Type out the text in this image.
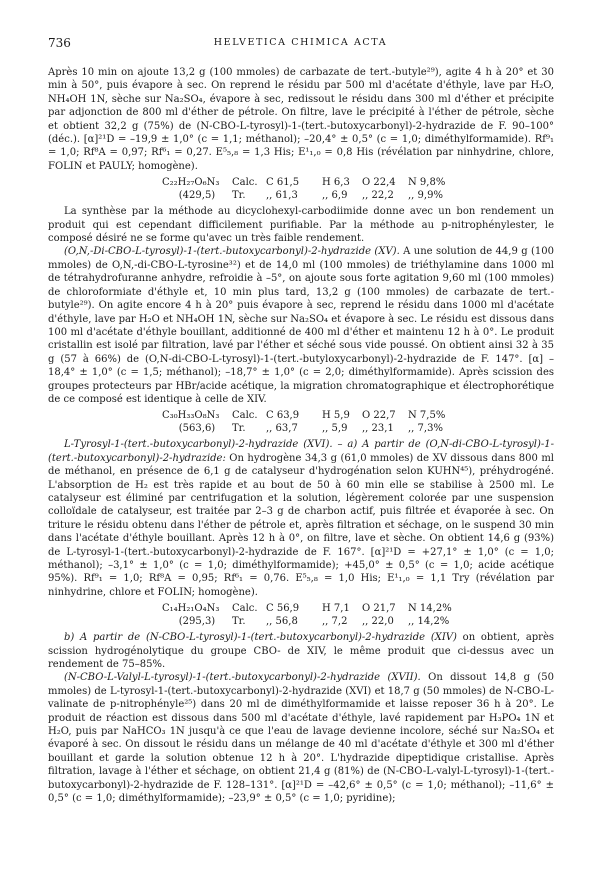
736	HELVETICA CHIMICA ACTA

Après 10 min on ajoute 13,2 g (100 mmoles) de carbazate de tert.-butyle²⁹), agite 4 h à 20° et 30 min à 50°, puis évapore à sec. On reprend le résidu par 500 ml d'acétate d'éthyle, lave par H₂O, NH₄OH 1N, sèche sur Na₂SO₄, évapore à sec, redissout le résidu dans 300 ml d'éther et précipite par adjonction de 800 ml d'éther de pétrole. On filtre, lave le précipité à l'éther de pétrole, sèche et obtient 32,2 g (75%) de (N-CBO-L-tyrosyl)-1-(tert.-butoxycarbonyl)-2-hydrazide de F. 90–100° (déc.). [α]²¹D = –19,9 ± 1,0° (c = 1,1; méthanol); –20,4° ± 0,5° (c = 1,0; diméthylformamide). Rf⁹₁ = 1,0; Rf⁸A = 0,97; Rf⁶₁ = 0,27. E⁵₅,₈ = 1,3 His; E¹₁,₀ = 0,8 His (révélation par ninhydrine, chlore, FOLIN et PAULY; homogène).

C₂₂H₂₇O₆N₃	Calc. C 61,5	H 6,3	O 22,4	N 9,8%
(429,5)	Tr.	,, 61,3	,, 6,9	,, 22,2	,, 9,9%

La synthèse par la méthode au dicyclohexyl-carbodiimide donne avec un bon rendement un produit qui est cependant difficilement purifiable. Par la méthode au p-nitrophénylester, le composé désiré ne se forme qu'avec un très faible rendement.

(O,N,-Di-CBO-L-tyrosyl)-1-(tert.-butoxycarbonyl)-2-hydrazide (XV). A une solution de 44,9 g (100 mmoles) de O,N,-di-CBO-L-tyrosine³²) et de 14,0 ml (100 mmoles) de triéthylamine dans 1000 ml de tétrahydrofuranne anhydre, refroidie à –5°, on ajoute sous forte agitation 9,60 ml (100 mmoles) de chloroformiate d'éthyle et, 10 min plus tard, 13,2 g (100 mmoles) de carbazate de tert.-butyle²⁹). On agite encore 4 h à 20° puis évapore à sec, reprend le résidu dans 1000 ml d'acétate d'éthyle, lave par H₂O et NH₄OH 1N, sèche sur Na₂SO₄ et évapore à sec. Le résidu est dissous dans 100 ml d'acétate d'éthyle bouillant, additionné de 400 ml d'éther et maintenu 12 h à 0°. Le produit cristallin est isolé par filtration, lavé par l'éther et séché sous vide poussé. On obtient ainsi 32 à 35 g (57 à 66%) de (O,N-di-CBO-L-tyrosyl)-1-(tert.-butyloxycarbonyl)-2-hydrazide de F. 147°. [α] – 18,4° ± 1,0° (c = 1,5; méthanol); –18,7° ± 1,0° (c = 2,0; diméthylformamide). Après scission des groupes protecteurs par HBr/acide acétique, la migration chromatographique et électrophorétique de ce composé est identique à celle de XIV.

C₃₀H₃₃O₈N₃	Calc. C 63,9	H 5,9	O 22,7	N 7,5%
(563,6)	Tr.	,, 63,7	,, 5,9	,, 23,1	,, 7,3%

L-Tyrosyl-1-(tert.-butoxycarbonyl)-2-hydrazide (XVI). – a) A partir de (O,N-di-CBO-L-tyrosyl)-1-(tert.-butoxycarbonyl)-2-hydrazide: On hydrogène 34,3 g (61,0 mmoles) de XV dissous dans 800 ml de méthanol, en présence de 6,1 g de catalyseur d'hydrogénation selon KUHN⁴⁵), préhydrogéné. L'absorption de H₂ est très rapide et au bout de 50 à 60 min elle se stabilise à 2500 ml. Le catalyseur est éliminé par centrifugation et la solution, légèrement colorée par une suspension colloïdale de catalyseur, est traitée par 2–3 g de charbon actif, puis filtrée et évaporée à sec. On triture le résidu obtenu dans l'éther de pétrole et, après filtration et séchage, on le suspend 30 min dans l'acétate d'éthyle bouillant. Après 12 h à 0°, on filtre, lave et sèche. On obtient 14,6 g (93%) de L-tyrosyl-1-(tert.-butoxycarbonyl)-2-hydrazide de F. 167°. [α]²¹D = +27,1° ± 1,0° (c = 1,0; méthanol); –3,1° ± 1,0° (c = 1,0; diméthylformamide); +45,0° ± 0,5° (c = 1,0; acide acétique 95%). Rf⁹₁ = 1,0; Rf⁸A = 0,95; Rf⁶₁ = 0,76. E⁵₅,₈ = 1,0 His; E¹₁,₀ = 1,1 Try (révélation par ninhydrine, chlore et FOLIN; homogène).

C₁₄H₂₁O₄N₃	Calc. C 56,9	H 7,1	O 21,7	N 14,2%
(295,3)	Tr.	,, 56,8	,, 7,2	,, 22,0	,, 14,2%

b) A partir de (N-CBO-L-tyrosyl)-1-(tert.-butoxycarbonyl)-2-hydrazide (XIV) on obtient, après scission hydrogénolytique du groupe CBO- de XIV, le même produit que ci-dessus avec un rendement de 75–85%.

(N-CBO-L-Valyl-L-tyrosyl)-1-(tert.-butoxycarbonyl)-2-hydrazide (XVII). On dissout 14,8 g (50 mmoles) de L-tyrosyl-1-(tert.-butoxycarbonyl)-2-hydrazide (XVI) et 18,7 g (50 mmoles) de N-CBO-L-valinate de p-nitrophényle²⁵) dans 20 ml de diméthylformamide et laisse reposer 36 h à 20°. Le produit de réaction est dissous dans 500 ml d'acétate d'éthyle, lavé rapidement par H₃PO₄ 1N et H₂O, puis par NaHCO₃ 1N jusqu'à ce que l'eau de lavage devienne incolore, séché sur Na₂SO₄ et évaporé à sec. On dissout le résidu dans un mélange de 40 ml d'acétate d'éthyle et 300 ml d'éther bouillant et garde la solution obtenue 12 h à 20°. L'hydrazide dipeptidique cristallise. Après filtration, lavage à l'éther et séchage, on obtient 21,4 g (81%) de (N-CBO-L-valyl-L-tyrosyl)-1-(tert.-butoxycarbonyl)-2-hydrazide de F. 128–131°. [α]²¹D = –42,6° ± 0,5° (c = 1,0; méthanol); –11,6° ± 0,5° (c = 1,0; diméthylformamide); –23,9° ± 0,5° (c = 1,0; pyridine);
